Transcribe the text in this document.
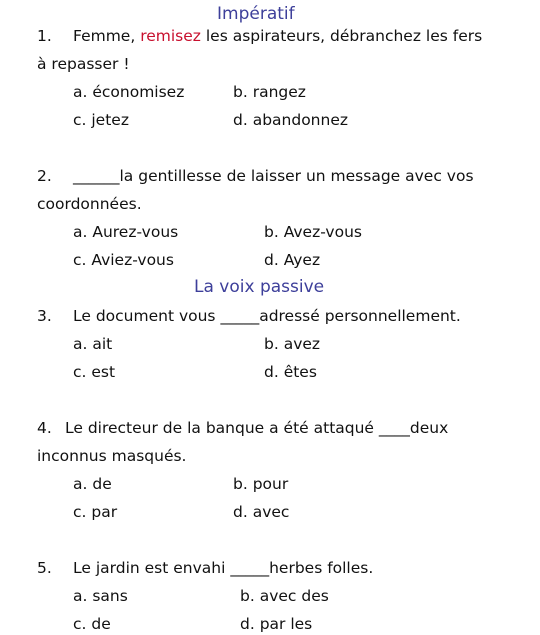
Impératif
1. Femme, remisez les aspirateurs, débranchez les fers
à repasser !
a. économisez	b. rangez
c. jetez	d. abandonnez
2. ______la gentillesse de laisser un message avec vos
coordonnées.
a. Aurez-vous	b. Avez-vous
c. Aviez-vous	d. Ayez
La voix passive
3. Le document vous _____adressé personnellement.
a. ait	b. avez
c. est	d. êtes
4. Le directeur de la banque a été attaqué ____deux
inconnus masqués.
a. de	b. pour
c. par	d. avec
5. Le jardin est envahi _____herbes folles.
a. sans	b. avec des
c. de	d. par les
